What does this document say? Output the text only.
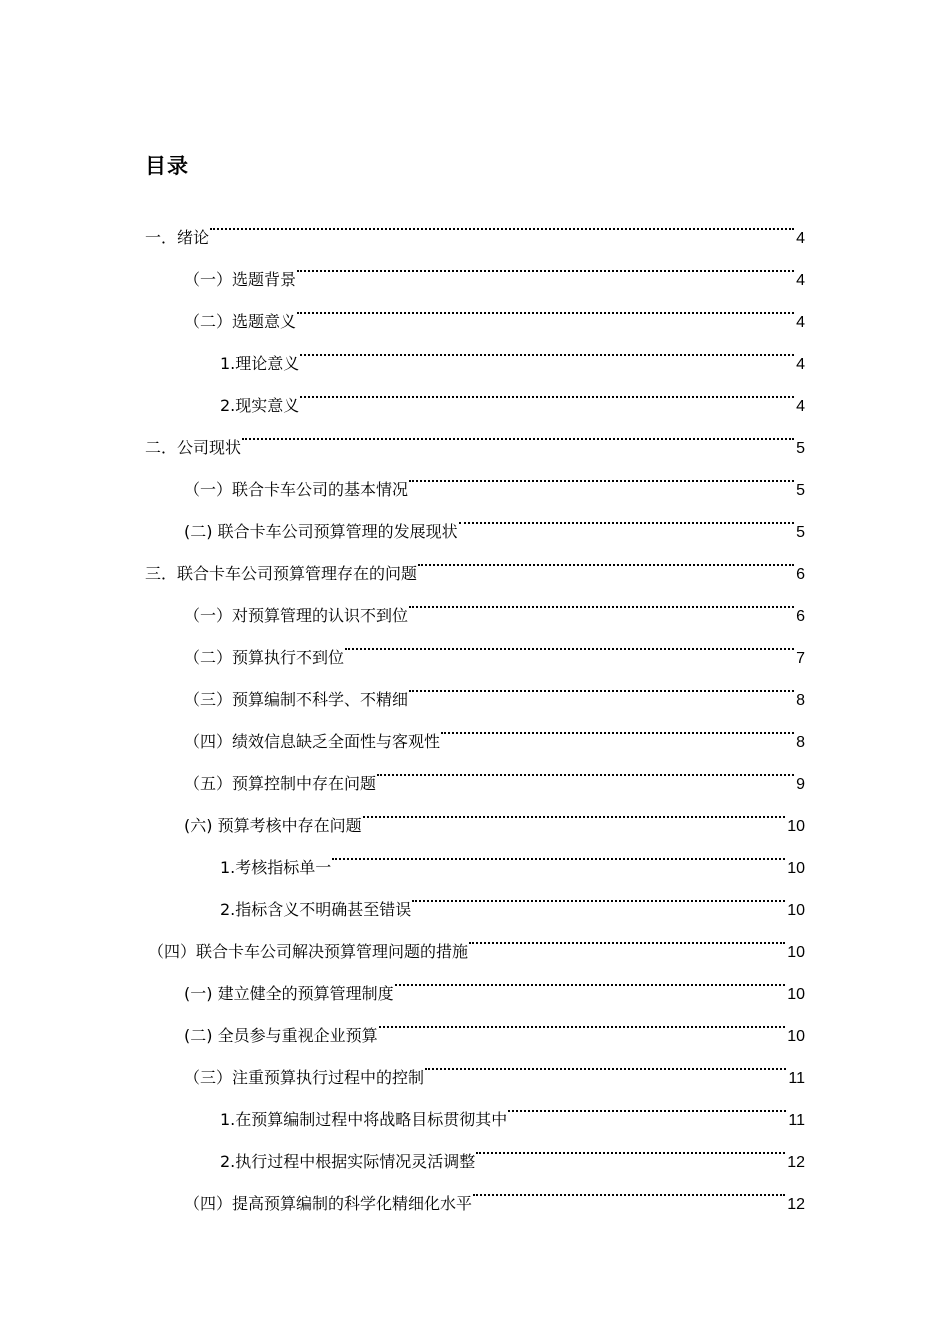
目录
一．绪论	4
（一）选题背景	4
（二）选题意义	4
1.理论意义	4
2.现实意义	4
二．公司现状	5
（一）联合卡车公司的基本情况	5
(二) 联合卡车公司预算管理的发展现状	5
三．联合卡车公司预算管理存在的问题	6
（一）对预算管理的认识不到位	6
（二）预算执行不到位	7
（三）预算编制不科学、不精细	8
（四）绩效信息缺乏全面性与客观性	8
（五）预算控制中存在问题	9
(六) 预算考核中存在问题	10
1.考核指标单一	10
2.指标含义不明确甚至错误	10
（四）联合卡车公司解决预算管理问题的措施	10
(一) 建立健全的预算管理制度	10
(二) 全员参与重视企业预算	10
（三）注重预算执行过程中的控制	11
1.在预算编制过程中将战略目标贯彻其中	11
2.执行过程中根据实际情况灵活调整	12
（四）提高预算编制的科学化精细化水平	12
